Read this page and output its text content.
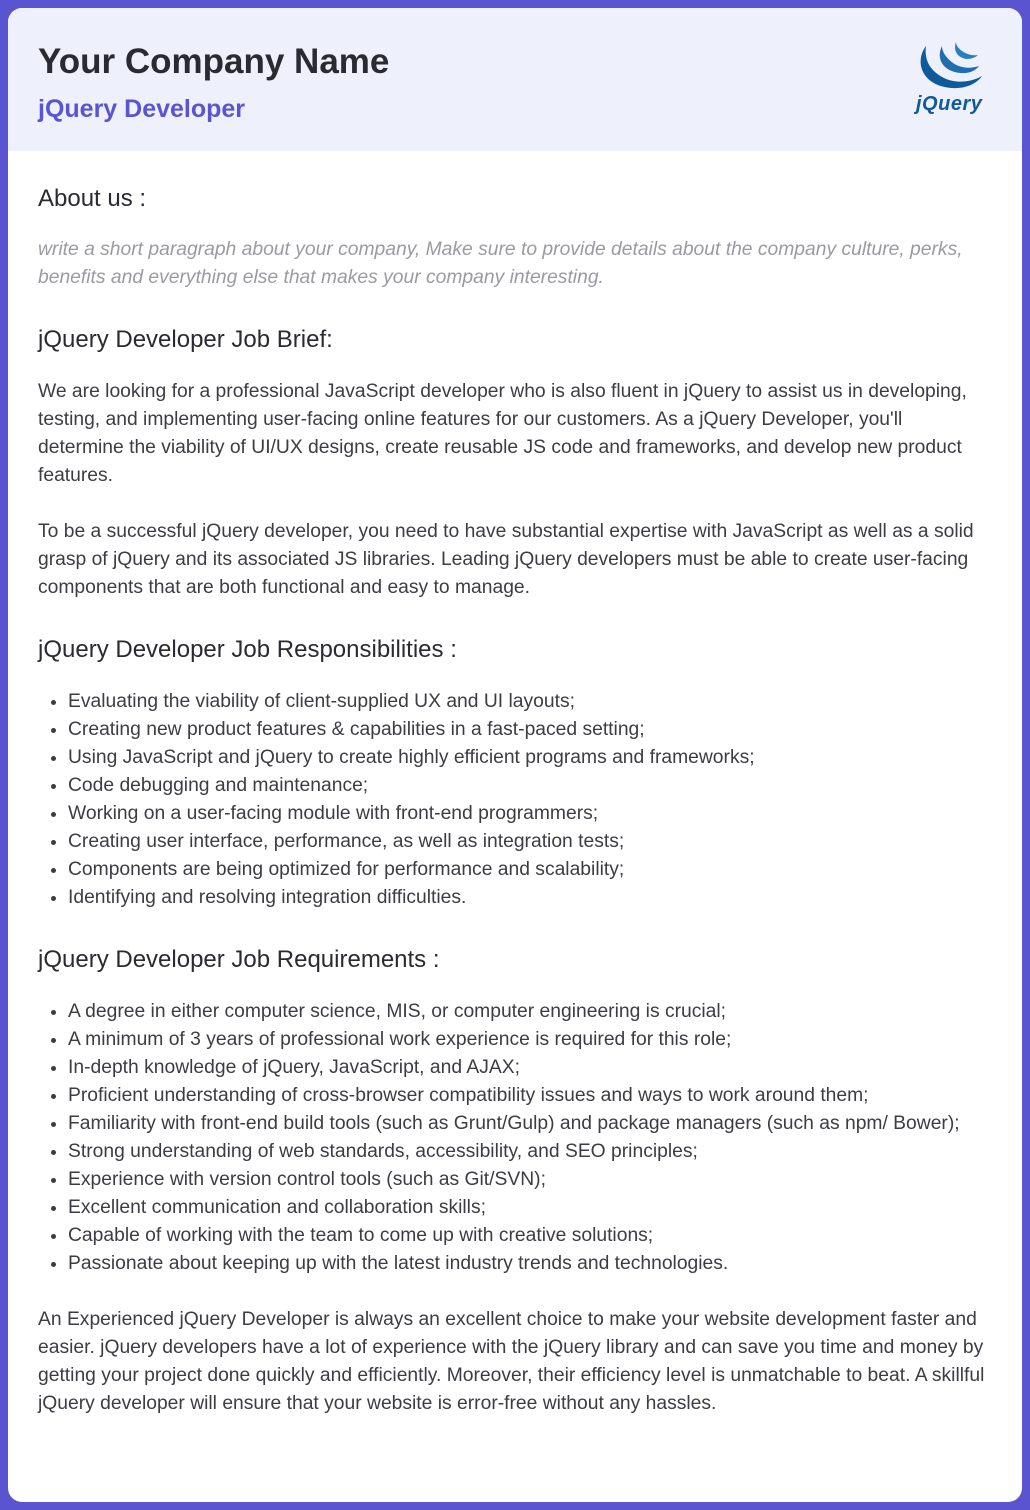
Your Company Name
jQuery Developer	jQuery
About us :

write a short paragraph about your company, Make sure to provide details about the company culture, perks, benefits and everything else that makes your company interesting.

jQuery Developer Job Brief:

We are looking for a professional JavaScript developer who is also fluent in jQuery to assist us in developing, testing, and implementing user-facing online features for our customers. As a jQuery Developer, you'll determine the viability of UI/UX designs, create reusable JS code and frameworks, and develop new product features.

To be a successful jQuery developer, you need to have substantial expertise with JavaScript as well as a solid grasp of jQuery and its associated JS libraries. Leading jQuery developers must be able to create user-facing components that are both functional and easy to manage.

jQuery Developer Job Responsibilities :
• Evaluating the viability of client-supplied UX and UI layouts;
• Creating new product features & capabilities in a fast-paced setting;
• Using JavaScript and jQuery to create highly efficient programs and frameworks;
• Code debugging and maintenance;
• Working on a user-facing module with front-end programmers;
• Creating user interface, performance, as well as integration tests;
• Components are being optimized for performance and scalability;
• Identifying and resolving integration difficulties.
jQuery Developer Job Requirements :
• A degree in either computer science, MIS, or computer engineering is crucial;
• A minimum of 3 years of professional work experience is required for this role;
• In-depth knowledge of jQuery, JavaScript, and AJAX;
• Proficient understanding of cross-browser compatibility issues and ways to work around them;
• Familiarity with front-end build tools (such as Grunt/Gulp) and package managers (such as npm/ Bower);
• Strong understanding of web standards, accessibility, and SEO principles;
• Experience with version control tools (such as Git/SVN);
• Excellent communication and collaboration skills;
• Capable of working with the team to come up with creative solutions;
• Passionate about keeping up with the latest industry trends and technologies.

An Experienced jQuery Developer is always an excellent choice to make your website development faster and easier. jQuery developers have a lot of experience with the jQuery library and can save you time and money by getting your project done quickly and efficiently. Moreover, their efficiency level is unmatchable to beat. A skillful jQuery developer will ensure that your website is error-free without any hassles.
